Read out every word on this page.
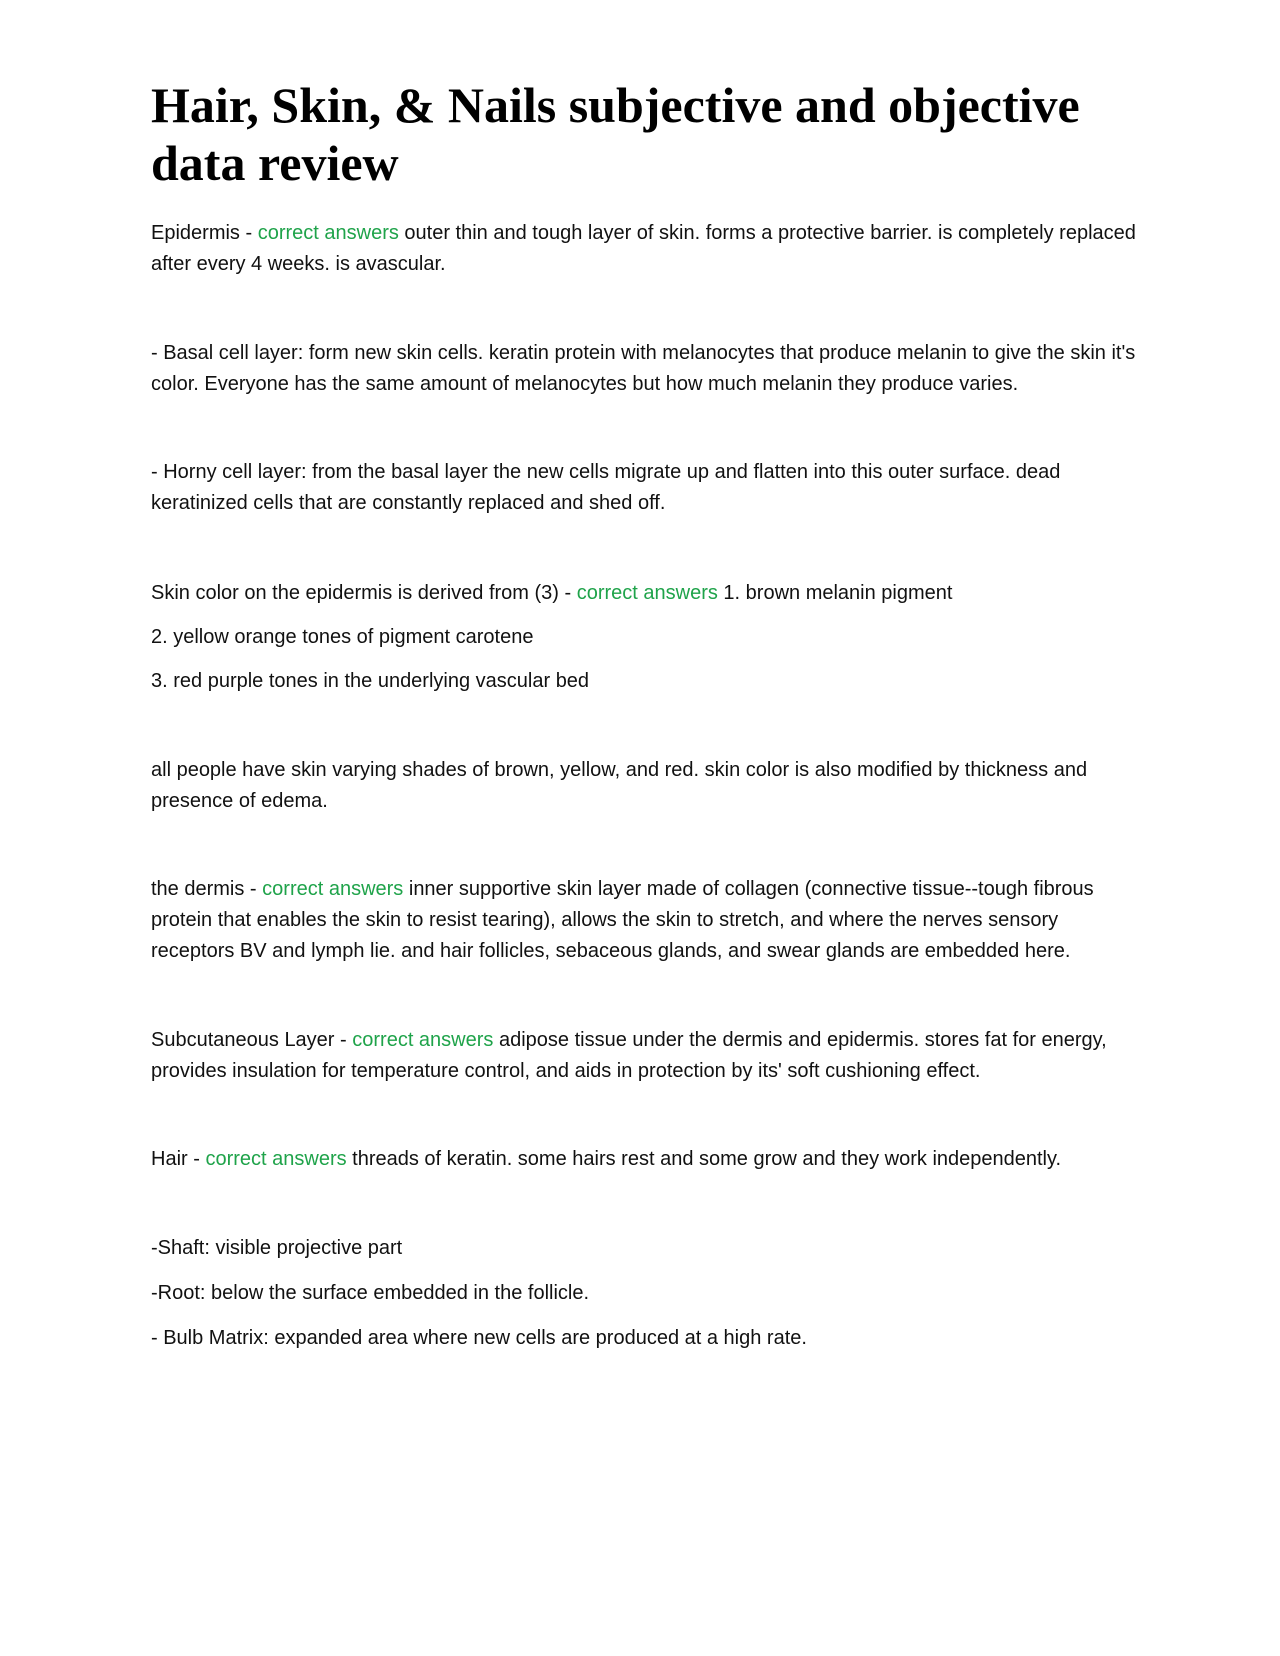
Hair, Skin, & Nails subjective and objective data review

Epidermis - correct answers outer thin and tough layer of skin. forms a protective barrier. is completely replaced after every 4 weeks. is avascular.

- Basal cell layer: form new skin cells. keratin protein with melanocytes that produce melanin to give the skin it's color. Everyone has the same amount of melanocytes but how much melanin they produce varies.

- Horny cell layer: from the basal layer the new cells migrate up and flatten into this outer surface. dead keratinized cells that are constantly replaced and shed off.

Skin color on the epidermis is derived from (3) - correct answers 1. brown melanin pigment

2. yellow orange tones of pigment carotene

3. red purple tones in the underlying vascular bed

all people have skin varying shades of brown, yellow, and red. skin color is also modified by thickness and presence of edema.

the dermis - correct answers inner supportive skin layer made of collagen (connective tissue--tough fibrous protein that enables the skin to resist tearing), allows the skin to stretch, and where the nerves sensory receptors BV and lymph lie. and hair follicles, sebaceous glands, and swear glands are embedded here.

Subcutaneous Layer - correct answers adipose tissue under the dermis and epidermis. stores fat for energy, provides insulation for temperature control, and aids in protection by its' soft cushioning effect.

Hair - correct answers threads of keratin. some hairs rest and some grow and they work independently.

-Shaft: visible projective part

-Root: below the surface embedded in the follicle.

- Bulb Matrix: expanded area where new cells are produced at a high rate.
